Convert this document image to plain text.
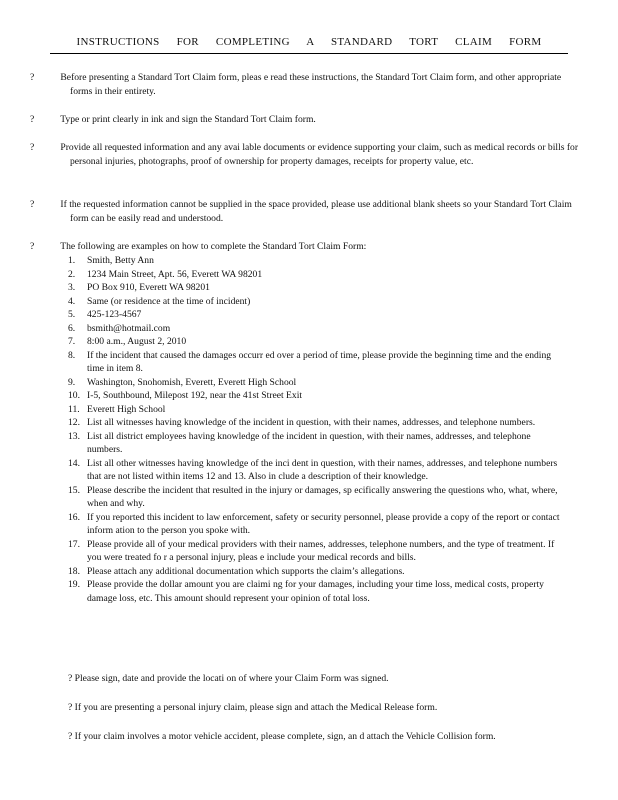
INSTRUCTIONS FOR COMPLETING A STANDARD TORT CLAIM FORM
?	Before presenting a Standard Tort Claim form, pleas e read these instructions, the Standard Tort Claim form, and other appropriate forms in their entirety.
?	Type or print clearly in ink and sign the Standard Tort Claim form.
?	Provide all requested information and any avai lable documents or evidence supporting your claim, such as medical records or bills for personal injuries, photographs, proof of ownership for property damages, receipts for property value, etc.
?	If the requested information cannot be supplied in the space provided, please use additional blank sheets so your Standard Tort Claim form can be easily read and understood.
?	The following are examples on how to complete the Standard Tort Claim Form:
1. Smith, Betty Ann
2. 1234 Main Street, Apt. 56, Everett WA 98201
3. PO Box 910, Everett WA 98201
4. Same (or residence at the time of incident)
5. 425-123-4567
6. bsmith@hotmail.com
7. 8:00 a.m., August 2, 2010
8. If the incident that caused the damages occurr ed over a period of time, please provide the beginning time and the ending time in item 8.
9. Washington, Snohomish, Everett, Everett High School
10. I-5, Southbound, Milepost 192, near the 41st Street Exit
11. Everett High School
12. List all witnesses having knowledge of the incident in question, with their names, addresses, and telephone numbers.
13. List all district employees having knowledge of the incident in question, with their names, addresses, and telephone numbers.
14. List all other witnesses having knowledge of the inci dent in question, with their names, addresses, and telephone numbers that are not listed within items 12 and 13. Also in clude a description of their knowledge.
15. Please describe the incident that resulted in the injury or damages, sp ecifically answering the questions who, what, where, when and why.
16. If you reported this incident to law enforcement, safety or security personnel, please provide a copy of the report or contact inform ation to the person you spoke with.
17. Please provide all of your medical providers with their names, addresses, telephone numbers, and the type of treatment. If you were treated fo r a personal injury, pleas e include your medical records and bills.
18. Please attach any additional documentation which supports the claim’s allegations.
19. Please provide the dollar amount you are claimi ng for your damages, including your time loss, medical costs, property damage loss, etc. This amount should represent your opinion of total loss.
? Please sign, date and provide the locati on of where your Claim Form was signed.
? If you are presenting a personal injury claim, please sign and attach the Medical Release form.
? If your claim involves a motor vehicle accident, please complete, sign, an d attach the Vehicle Collision form.
